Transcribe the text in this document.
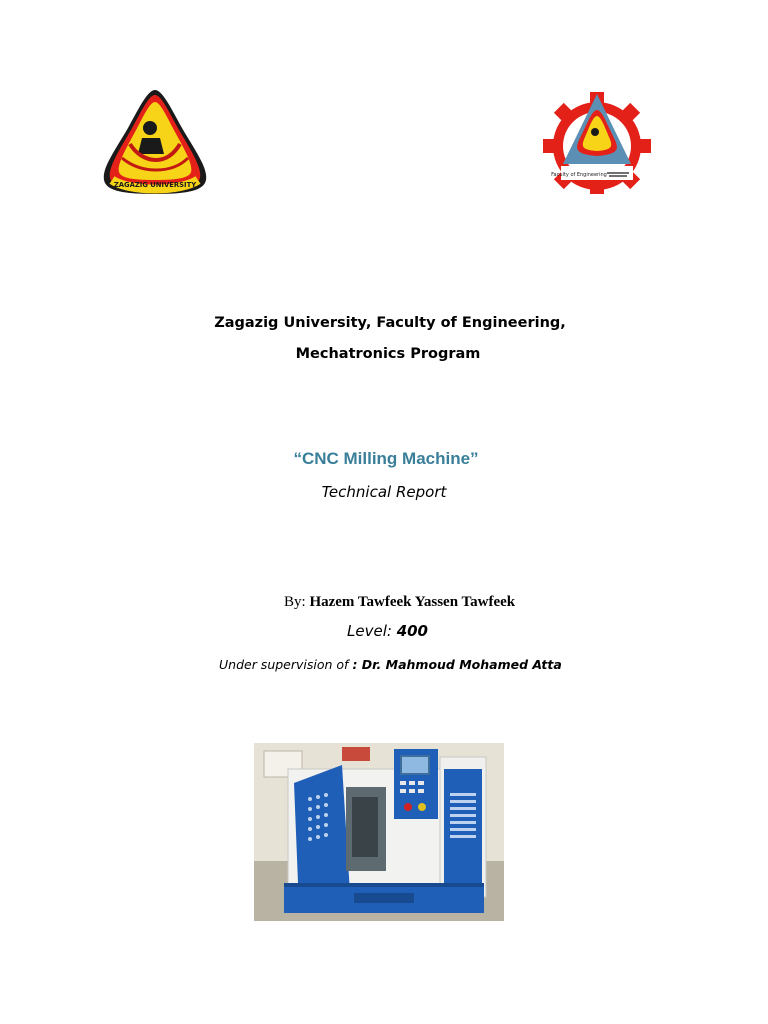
ZAGAZIG UNIVERSITY
Faculty of Engineering
Zagazig University, Faculty of Engineering,
Mechatronics Program
“CNC Milling Machine”
Technical Report
By: Hazem Tawfeek Yassen Tawfeek
Level: 400
Under supervision of : Dr. Mahmoud Mohamed Atta
